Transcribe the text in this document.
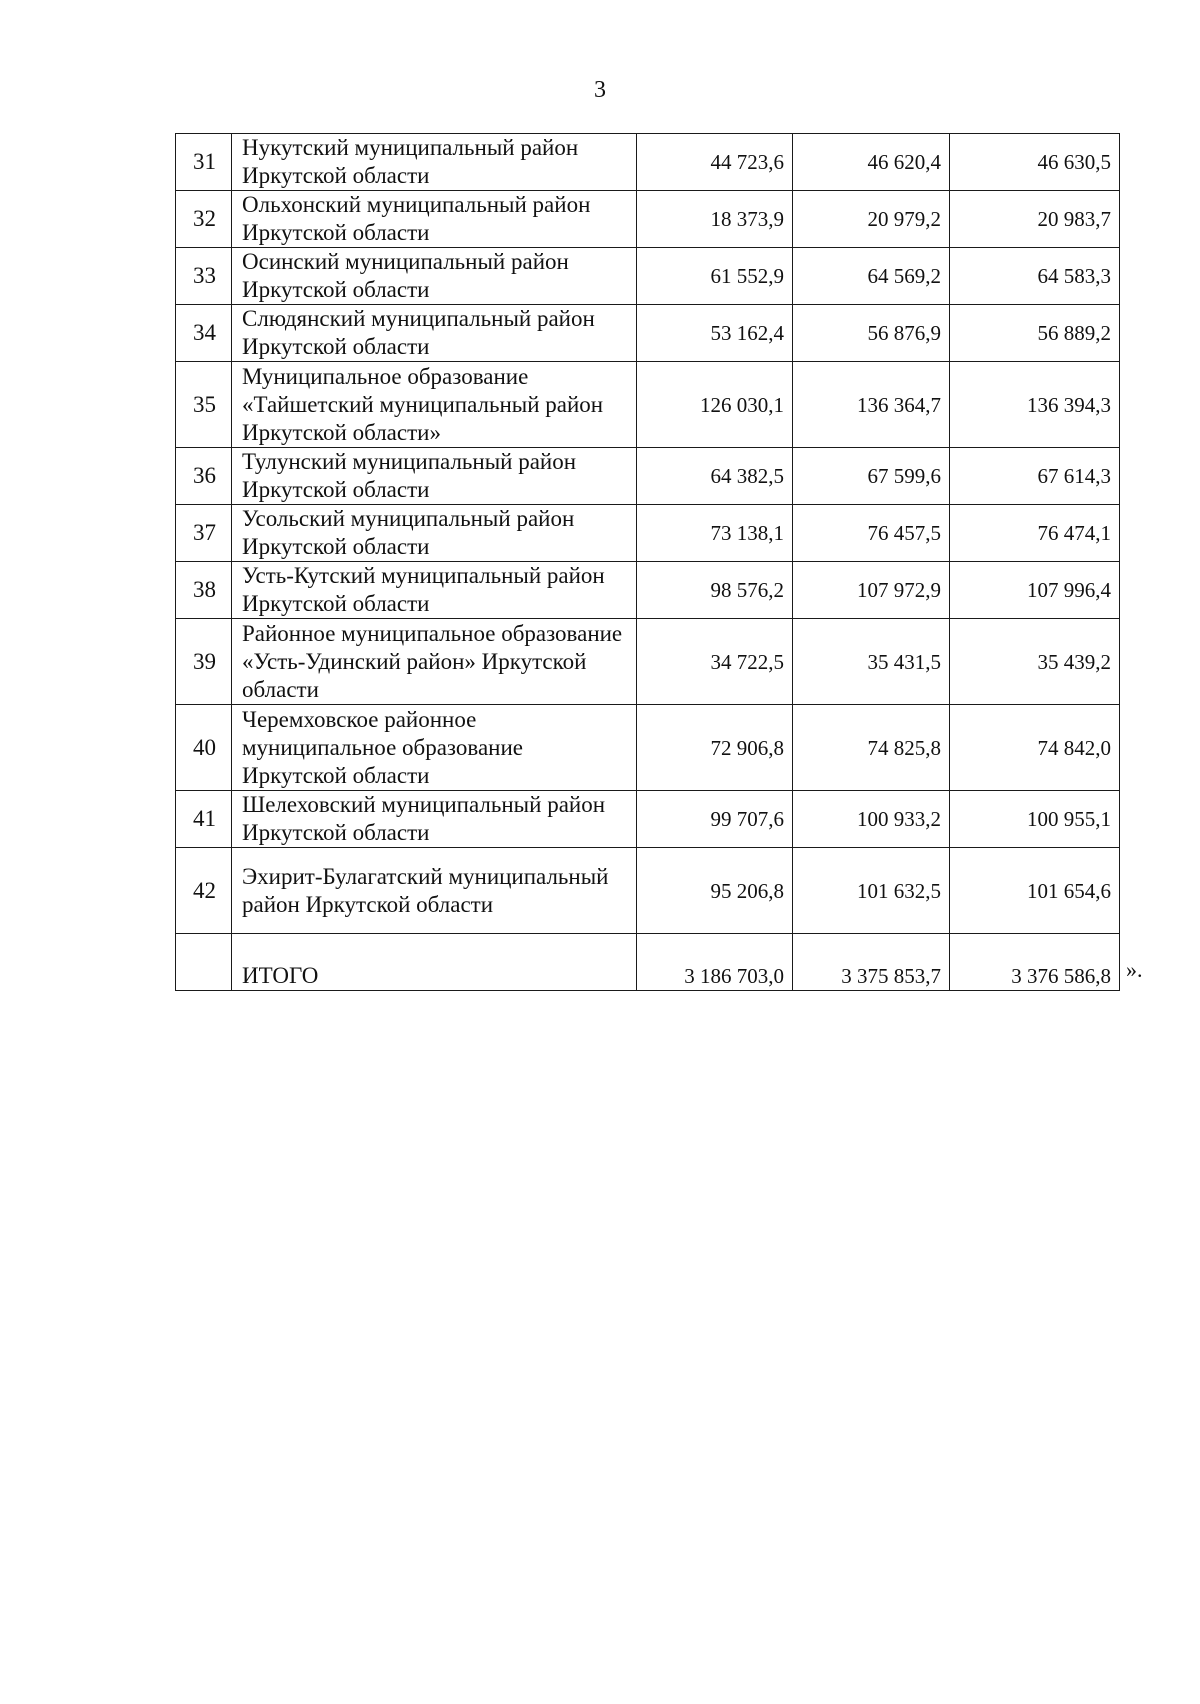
3
31	Нукутский муниципальный район Иркутской области	44 723,6	46 620,4	46 630,5
32	Ольхонский муниципальный район Иркутской области	18 373,9	20 979,2	20 983,7
33	Осинский муниципальный район Иркутской области	61 552,9	64 569,2	64 583,3
34	Слюдянский муниципальный район Иркутской области	53 162,4	56 876,9	56 889,2
35	Муниципальное образование «Тайшетский муниципальный район Иркутской области»	126 030,1	136 364,7	136 394,3
36	Тулунский муниципальный район Иркутской области	64 382,5	67 599,6	67 614,3
37	Усольский муниципальный район Иркутской области	73 138,1	76 457,5	76 474,1
38	Усть-Кутский муниципальный район Иркутской области	98 576,2	107 972,9	107 996,4
39	Районное муниципальное образование «Усть-Удинский район» Иркутской области	34 722,5	35 431,5	35 439,2
40	Черемховское районное муниципальное образование Иркутской области	72 906,8	74 825,8	74 842,0
41	Шелеховский муниципальный район Иркутской области	99 707,6	100 933,2	100 955,1
42	Эхирит-Булагатский муниципальный район Иркутской области	95 206,8	101 632,5	101 654,6
	ИТОГО	3 186 703,0	3 375 853,7	3 376 586,8 ».
